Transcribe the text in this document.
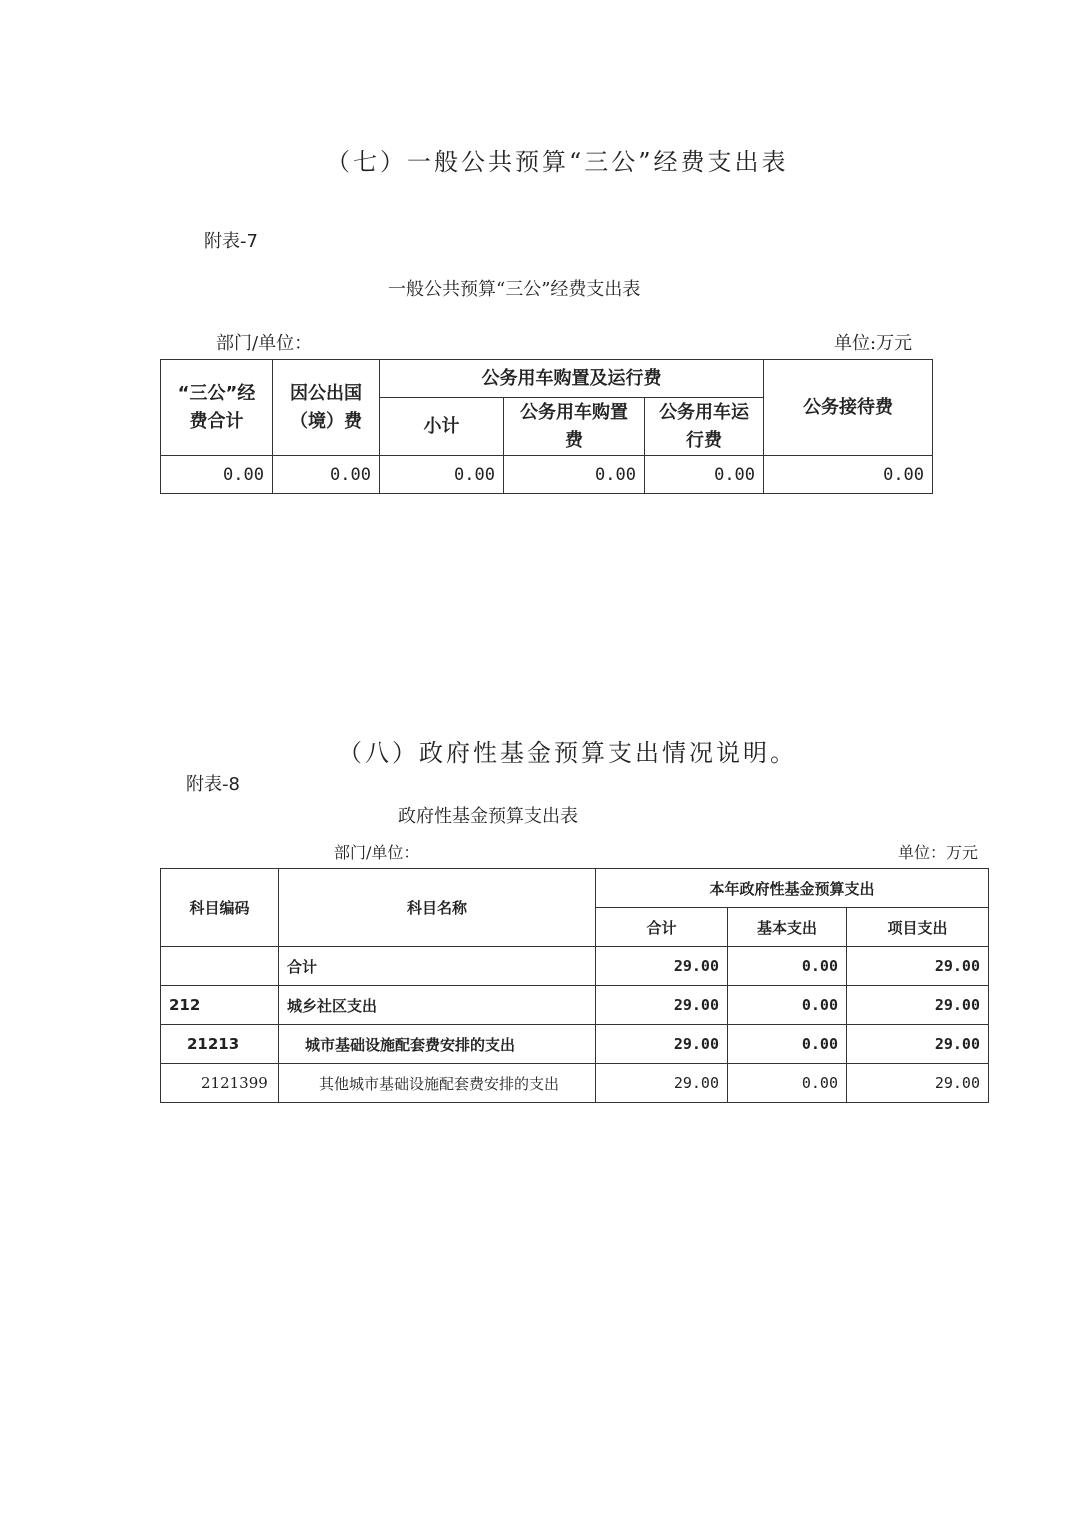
（七）一般公共预算“三公”经费支出表
附表-7
一般公共预算“三公”经费支出表
部门/单位：	单位:万元
“三公”经费合计	因公出国（境）费	公务用车购置及运行费			公务接待费
		小计	公务用车购置费	公务用车运行费	
0.00	0.00	0.00	0.00	0.00	0.00
（八）政府性基金预算支出情况说明。
附表-8
政府性基金预算支出表
部门/单位：	单位：万元
科目编码	科目名称	本年政府性基金预算支出		
		合计	基本支出	项目支出
	合计	29.00	0.00	29.00
212	城乡社区支出	29.00	0.00	29.00
21213	城市基础设施配套费安排的支出	29.00	0.00	29.00
2121399	其他城市基础设施配套费安排的支出	29.00	0.00	29.00
